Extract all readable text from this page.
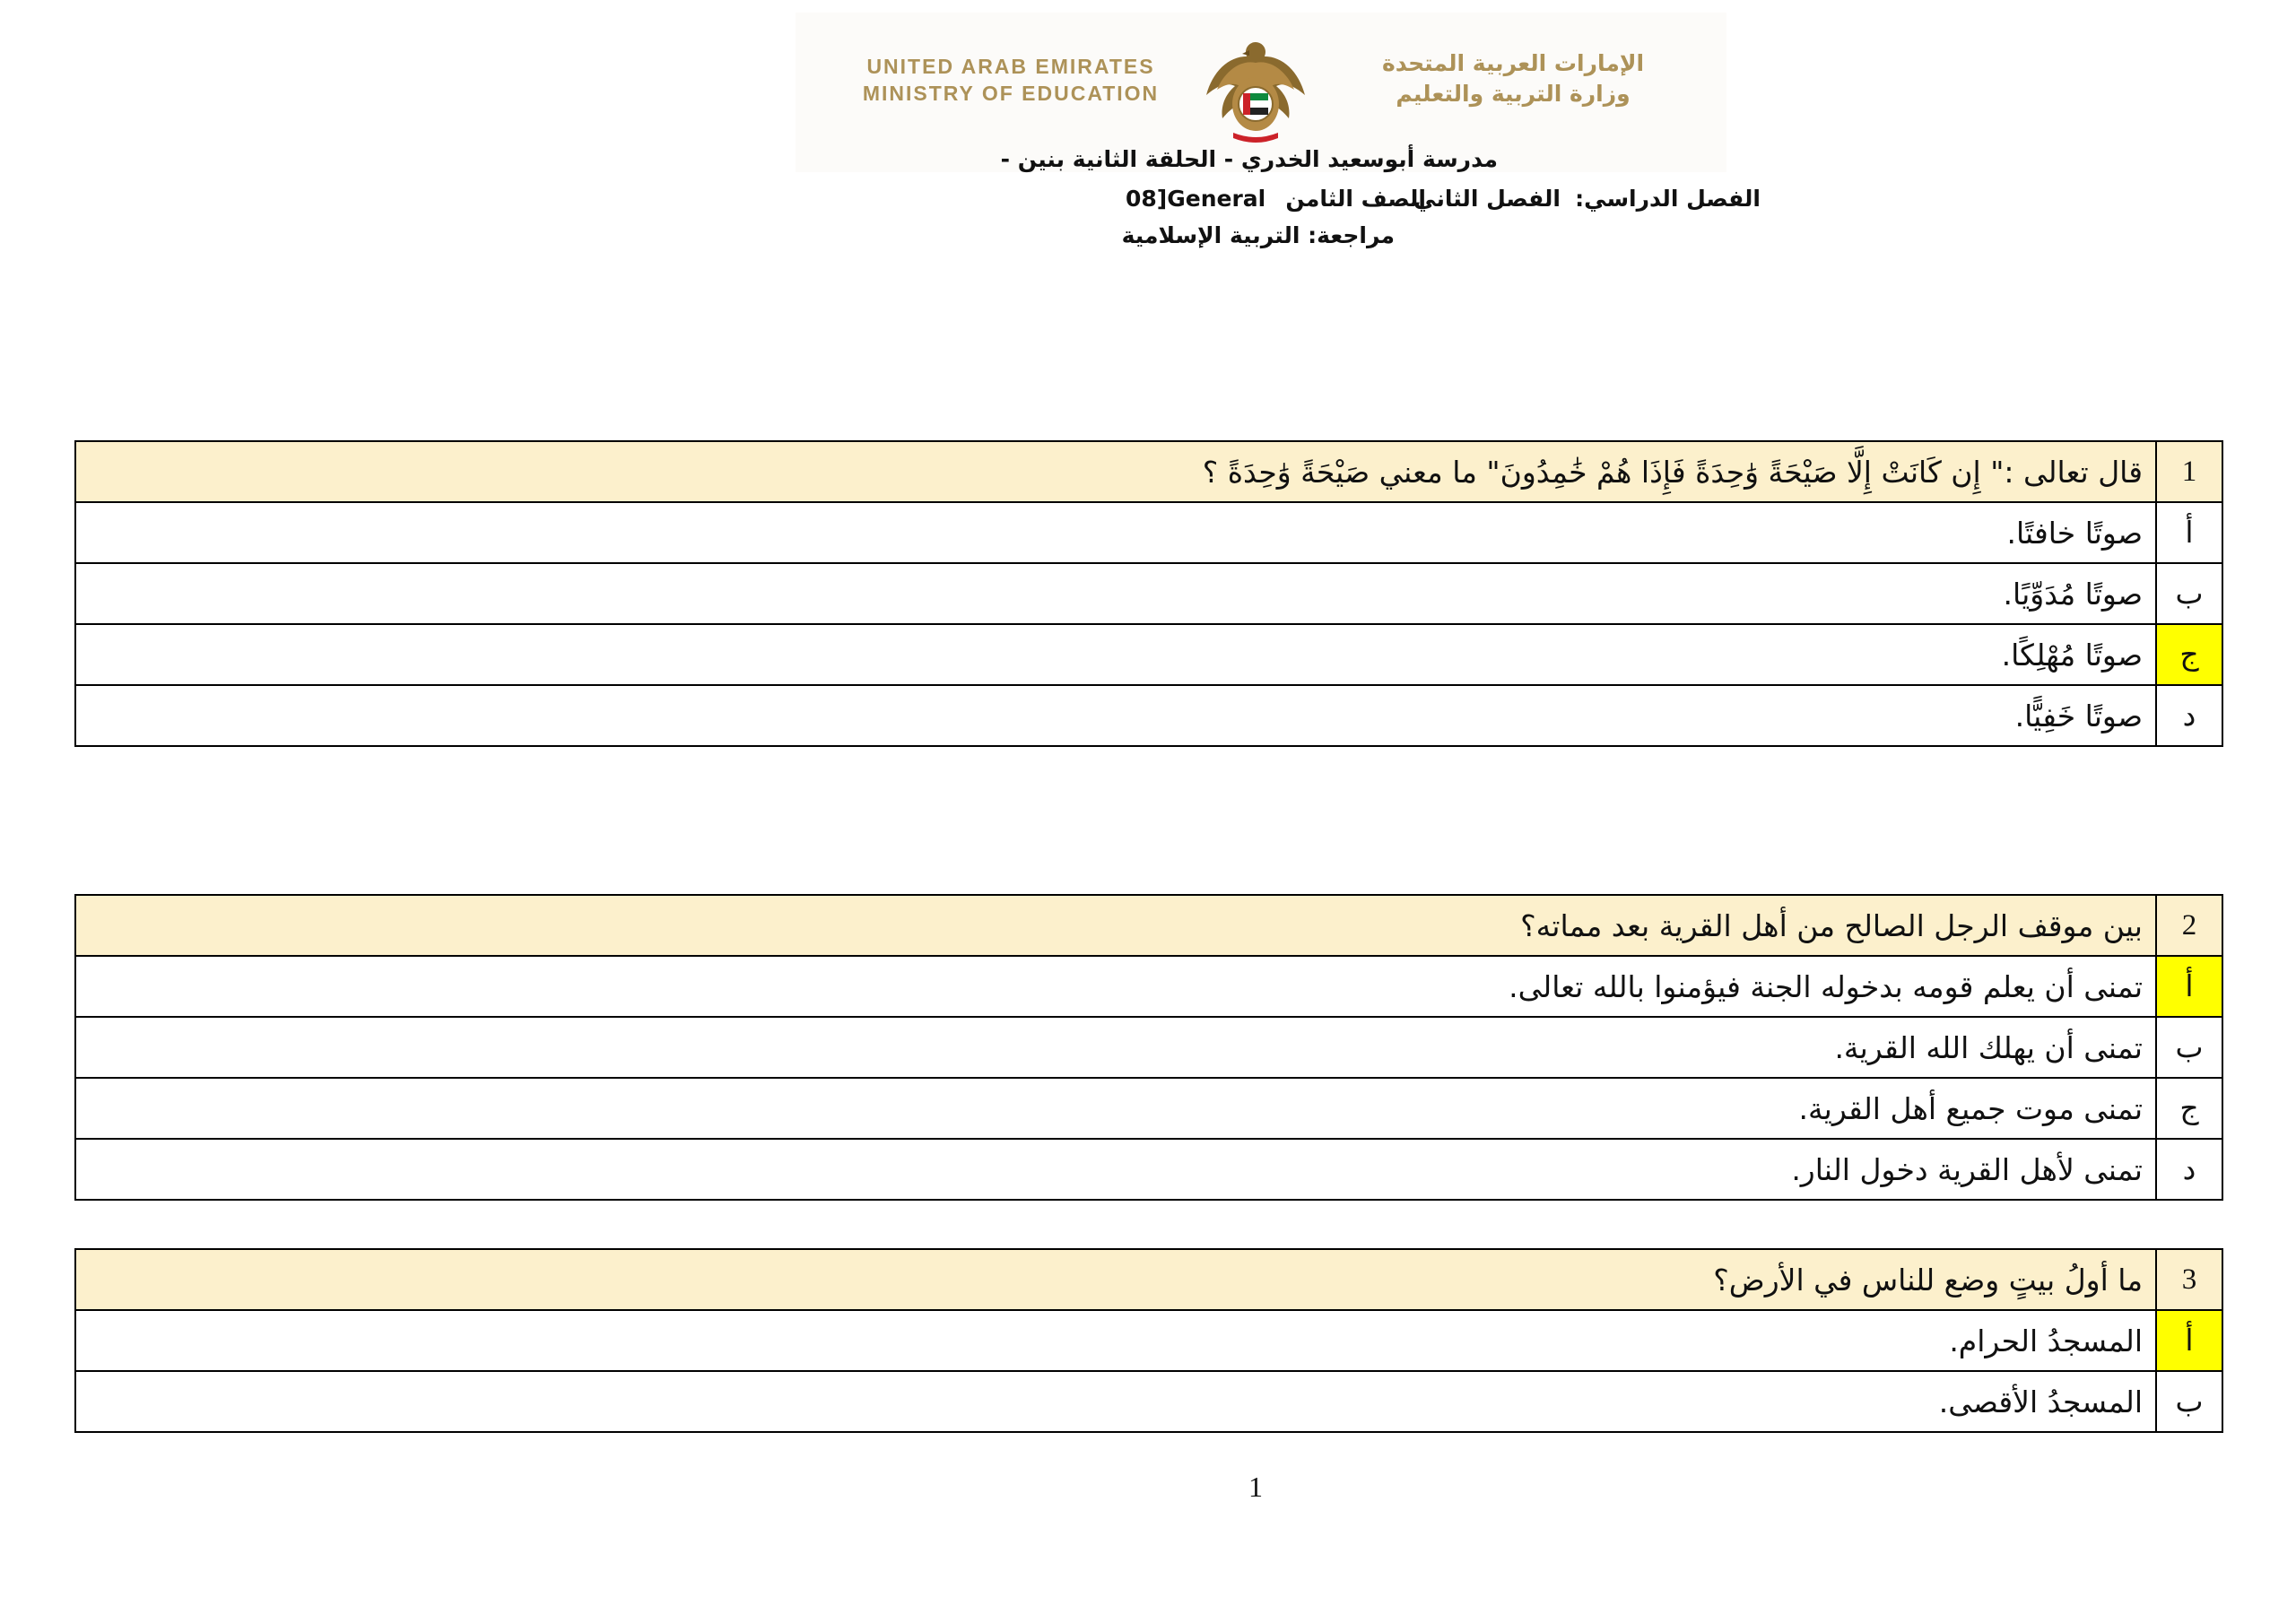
UNITED ARAB EMIRATES
MINISTRY OF EDUCATION
الإمارات العربية المتحدة
وزارة التربية والتعليم
مدرسة أبوسعيد الخدري - الحلقة الثانية بنين -
الفصل الدراسي:
الفصل الثاني
الصف الثامن
08]General
مراجعة: التربية الإسلامية
1	قال تعالى :" إِن كَانَتْ إِلَّا صَيْحَةً وَٰحِدَةً فَإِذَا هُمْ خَٰمِدُونَ" ما معني صَيْحَةً وَٰحِدَةً ؟
أ	صوتًا خافتًا.
ب	صوتًا مُدَوِّيًا.
ج	صوتًا مُهْلِكًا.
د	صوتًا خَفِيًّا.
2	بين موقف الرجل الصالح من أهل القرية بعد مماته؟
أ	تمنى أن يعلم قومه بدخوله الجنة فيؤمنوا بالله تعالى.
ب	تمنى أن يهلك الله القرية.
ج	تمنى موت جميع أهل القرية.
د	تمنى لأهل القرية دخول النار.
3	ما أولُ بيتٍ وضع للناس في الأرض؟
أ	المسجدُ الحرام.
ب	المسجدُ الأقصى.
1
